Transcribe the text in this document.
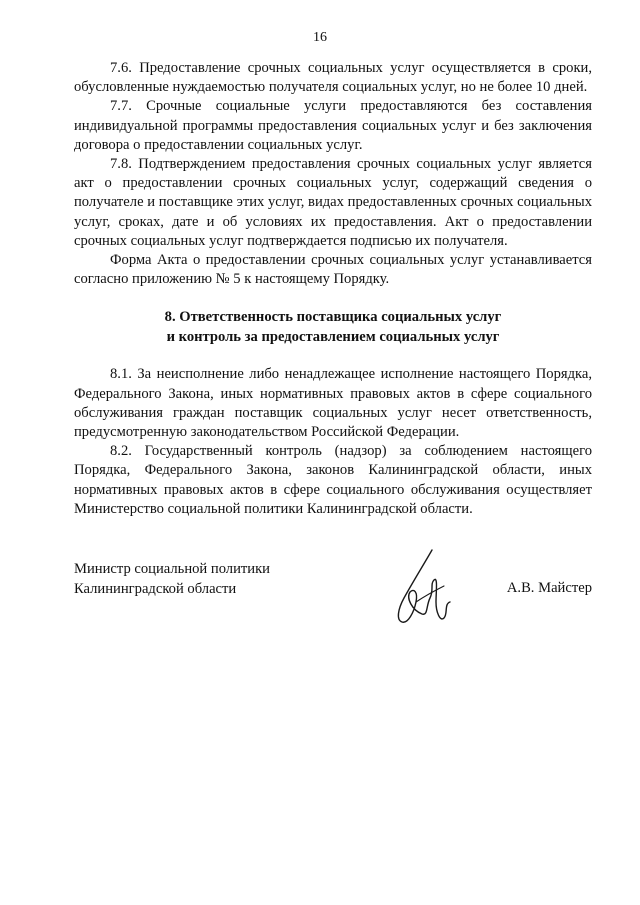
16

7.6. Предоставление срочных социальных услуг осуществляется в сроки, обусловленные нуждаемостью получателя социальных услуг, но не более 10 дней.

7.7. Срочные социальные услуги предоставляются без составления индивидуальной программы предоставления социальных услуг и без заключения договора о предоставлении социальных услуг.

7.8. Подтверждением предоставления срочных социальных услуг является акт о предоставлении срочных социальных услуг, содержащий сведения о получателе и поставщике этих услуг, видах предоставленных срочных социальных услуг, сроках, дате и об условиях их предоставления. Акт о предоставлении срочных социальных услуг подтверждается подписью их получателя.

Форма Акта о предоставлении срочных социальных услуг устанавливается согласно приложению № 5 к настоящему Порядку.

8. Ответственность поставщика социальных услуг
и контроль за предоставлением социальных услуг

8.1. За неисполнение либо ненадлежащее исполнение настоящего Порядка, Федерального Закона, иных нормативных правовых актов в сфере социального обслуживания граждан поставщик социальных услуг несет ответственность, предусмотренную законодательством Российской Федерации.

8.2. Государственный контроль (надзор) за соблюдением настоящего Порядка, Федерального Закона, законов Калининградской области, иных нормативных правовых актов в сфере социального обслуживания осуществляет Министерство социальной политики Калининградской области.

Министр социальной политики
Калининградской области	А.В. Майстер
